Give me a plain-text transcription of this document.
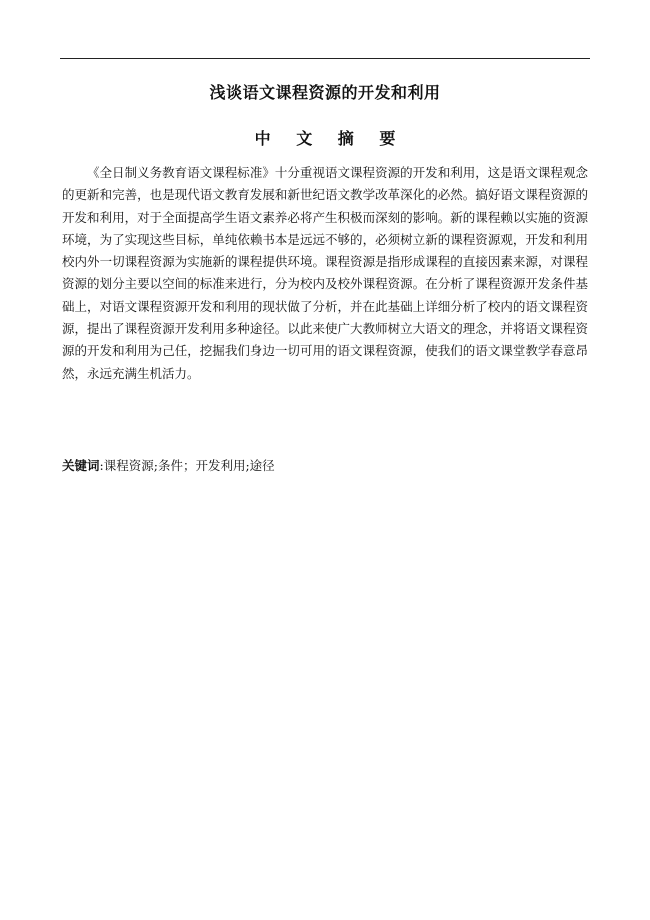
浅谈语文课程资源的开发和利用
中 文 摘 要

《全日制义务教育语文课程标准》十分重视语文课程资源的开发和利用，这是语文课程观念的更新和完善，也是现代语文教育发展和新世纪语文教学改革深化的必然。搞好语文课程资源的开发和利用，对于全面提高学生语文素养必将产生积极而深刻的影响。新的课程赖以实施的资源环境，为了实现这些目标，单纯依赖书本是远远不够的，必须树立新的课程资源观，开发和利用校内外一切课程资源为实施新的课程提供环境。课程资源是指形成课程的直接因素来源，对课程资源的划分主要以空间的标准来进行，分为校内及校外课程资源。在分析了课程资源开发条件基础上，对语文课程资源开发和利用的现状做了分析，并在此基础上详细分析了校内的语文课程资源，提出了课程资源开发利用多种途径。以此来使广大教师树立大语文的理念，并将语文课程资源的开发和利用为己任，挖掘我们身边一切可用的语文课程资源，使我们的语文课堂教学春意昂然，永远充满生机活力。

关键词:课程资源;条件；开发利用;途径
